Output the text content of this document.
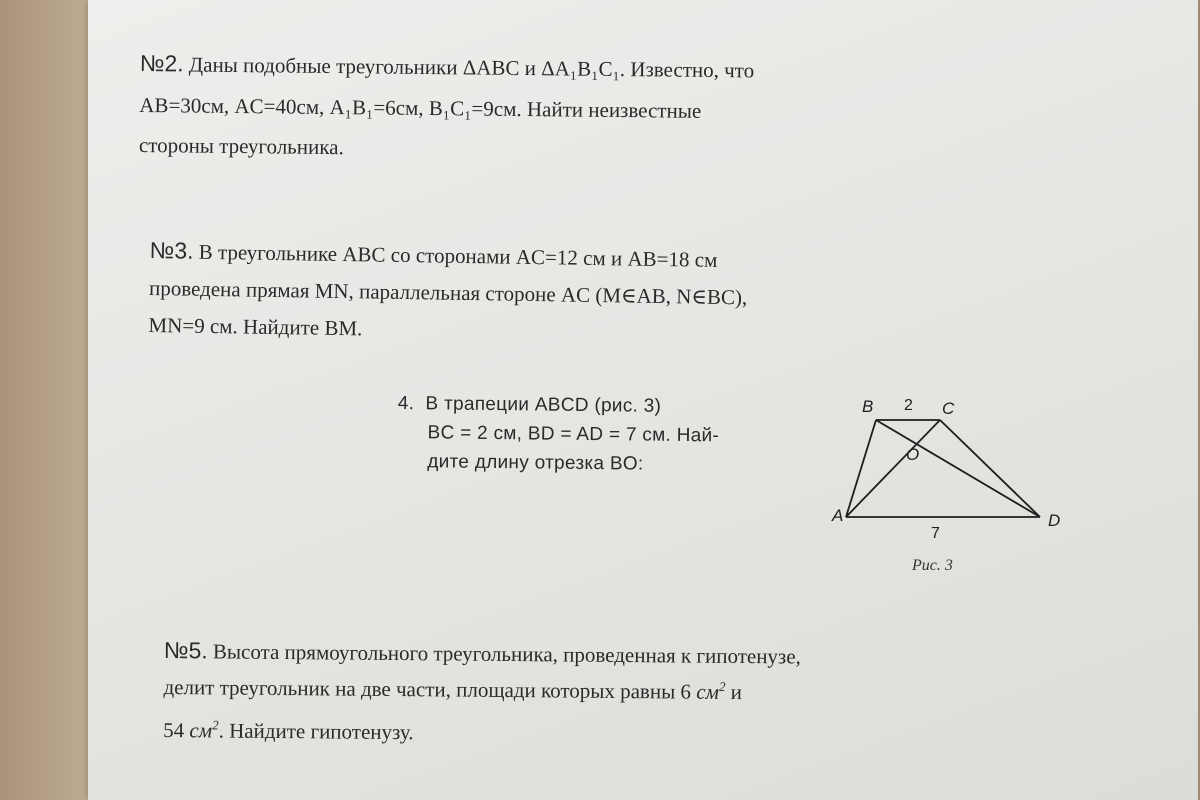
№2. Даны подобные треугольники ΔABC и ΔA₁B₁C₁. Известно, что
AB=30см, AC=40см, A₁B₁=6см, B₁C₁=9см. Найти неизвестные
стороны треугольника.
№3. В треугольнике ABC со сторонами AC=12 см и AB=18 см
проведена прямая MN, параллельная стороне AC (M∈AB, N∈BC),
MN=9 см. Найдите BM.
4. В трапеции ABCD (рис. 3)
BC = 2 см, BD = AD = 7 см. Най-
дите длину отрезка BO:
A
B	C
D
O
2
7
Рис. 3
№5. Высота прямоугольного треугольника, проведенная к гипотенузе,
делит треугольник на две части, площади которых равны 6 $см^2$ и
54 $см^2$. Найдите гипотенузу.
